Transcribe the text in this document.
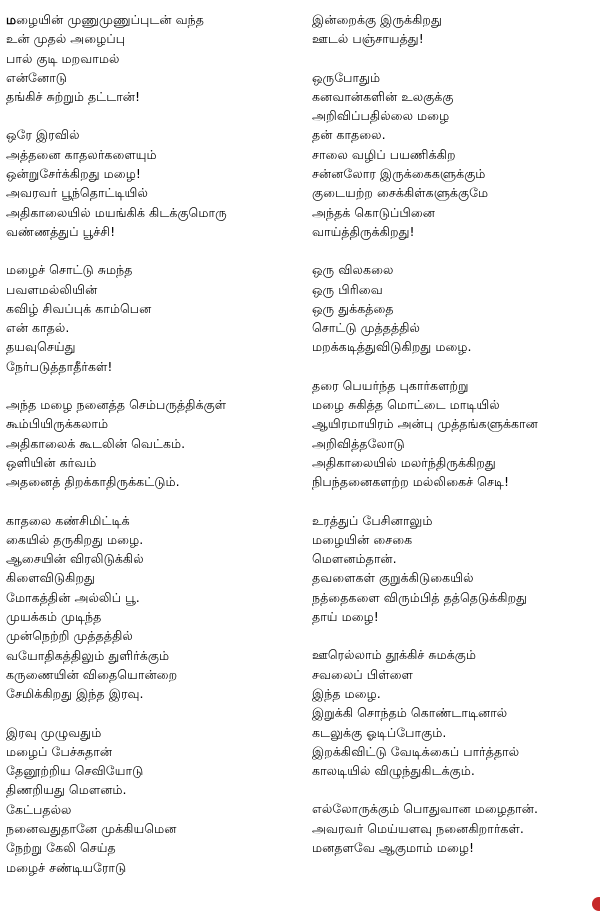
மழையின் முணுமுணுப்புடன் வந்த
உன் முதல் அழைப்பு
பால் குடி மறவாமல்
என்னோடு
தங்கிச் சுற்றும் தட்டான்!
ஒரே இரவில்
அத்தனை காதலர்களையும்
ஒன்றுசேர்க்கிறது மழை!
அவரவர் பூந்தொட்டியில்
அதிகாலையில் மயங்கிக் கிடக்குமொரு
வண்ணத்துப் பூச்சி!
மழைச் சொட்டு சுமந்த
பவளமல்லியின்
கவிழ் சிவப்புக் காம்பென
என் காதல்.
தயவுசெய்து
நேர்படுத்தாதீர்கள்!
அந்த மழை நனைத்த செம்பருத்திக்குள்
கூம்பியிருக்கலாம்
அதிகாலைக் கூடலின் வெட்கம்.
ஒளியின் கர்வம்
அதனைத் திறக்காதிருக்கட்டும்.
காதலை கண்சிமிட்டிக்
கையில் தருகிறது மழை.
ஆசையின் விரலிடுக்கில்
கிளைவிடுகிறது
மோகத்தின் அல்லிப் பூ.
முயக்கம் முடிந்த
முன்நெற்றி முத்தத்தில்
வயோதிகத்திலும் துளிர்க்கும்
கருணையின் விதையொன்றை
சேமிக்கிறது இந்த இரவு.
இரவு முழுவதும்
மழைப் பேச்சுதான்
தேனூற்றிய செவியோடு
திணறியது மௌனம்.
கேட்பதல்ல
நனைவதுதானே முக்கியமென
நேற்று கேலி செய்த
மழைச் சண்டியரோடு
இன்றைக்கு இருக்கிறது
ஊடல் பஞ்சாயத்து!
ஒருபோதும்
கனவான்களின் உலகுக்கு
அறிவிப்பதில்லை மழை
தன் காதலை.
சாலை வழிப் பயணிக்கிற
சன்னலோர இருக்கைகளுக்கும்
குடையற்ற சைக்கிள்களுக்குமே
அந்தக் கொடுப்பினை
வாய்த்திருக்கிறது!
ஒரு விலகலை
ஒரு பிரிவை
ஒரு துக்கத்தை
சொட்டு முத்தத்தில்
மறக்கடித்துவிடுகிறது மழை.
தரை பெயர்ந்த புகார்களற்று
மழை சுகித்த மொட்டை மாடியில்
ஆயிரமாயிரம் அன்பு முத்தங்களுக்கான
அறிவித்தலோடு
அதிகாலையில் மலர்ந்திருக்கிறது
நிபந்தனைகளற்ற மல்லிகைச் செடி!
உரத்துப் பேசினாலும்
மழையின் சைகை
மௌனம்தான்.
தவளைகள் குறுக்கிடுகையில்
நத்தைகளை விரும்பித் தத்தெடுக்கிறது
தாய் மழை!
ஊரெல்லாம் தூக்கிச் சுமக்கும்
சவலைப் பிள்ளை
இந்த மழை.
இறுக்கி சொந்தம் கொண்டாடினால்
கடலுக்கு ஓடிப்போகும்.
இறக்கிவிட்டு வேடிக்கைப் பார்த்தால்
காலடியில் விழுந்துகிடக்கும்.
எல்லோருக்கும் பொதுவான மழைதான்.
அவரவர் மெய்யளவு நனைகிறார்கள்.
மனதளவே ஆகுமாம் மழை!
